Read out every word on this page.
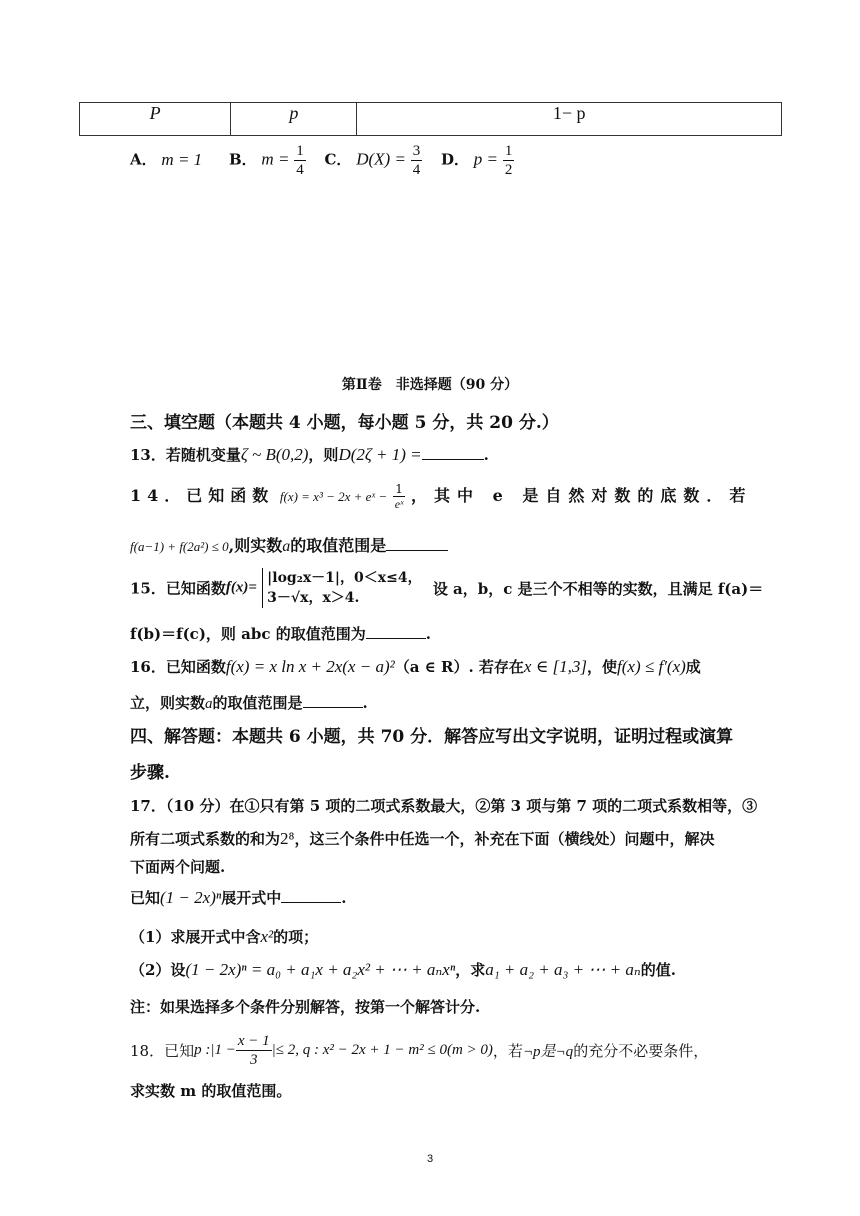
P	p	1− p
A． m = 1 B． $m = \frac{1}{4}$ C． $D(X) = \frac{3}{4}$ D． $p = \frac{1}{2}$
第Ⅱ卷　非选择题（90 分）
三、填空题（本题共 4 小题，每小题 5 分，共 20 分.）
13．若随机变量ζ ~ B(0,2)，则D(2ζ + 1) =	.
14．已知函数 f(x) = x³ − 2x + eˣ − $\frac{1}{\text{eˣ}}$ ，其中 e 是自然对数的底数．若
f(a−1) + f(2a²) ≤ 0,则实数a的取值范围是
15．已知函数f(x)=
|log₂x－1|，0＜x≤4，
3－√x，x＞4.
设 a，b，c 是三个不相等的实数，且满足 f(a)＝
f(b)＝f(c)，则 abc 的取值范围为	.
16．已知函数f(x) = x ln x + 2x(x − a)²（a ∈ R）. 若存在x ∈ [1,3]，使f(x) ≤ f′(x)成
立，则实数a的取值范围是	.
四、解答题：本题共 6 小题，共 70 分．解答应写出文字说明，证明过程或演算
步骤.
17．（10 分）在①只有第 5 项的二项式系数最大，②第 3 项与第 7 项的二项式系数相等，③
所有二项式系数的和为2⁸，这三个条件中任选一个，补充在下面（横线处）问题中，解决
下面两个问题.
已知(1 − 2x)ⁿ展开式中	.
（1）求展开式中含x²的项；
（2）设(1 − 2x)ⁿ = a₀ + a₁x + a₂x² + ⋯ + aₙxⁿ，求a₁ + a₂ + a₃ + ⋯ + aₙ的值.
注：如果选择多个条件分别解答，按第一个解答计分.
18．已知p :|1 − $\frac{x - 1}{3}$ |≤ 2, q : x² − 2x + 1 − m² ≤ 0(m > 0)，若¬p是¬q的充分不必要条件，
求实数 m 的取值范围。
3
